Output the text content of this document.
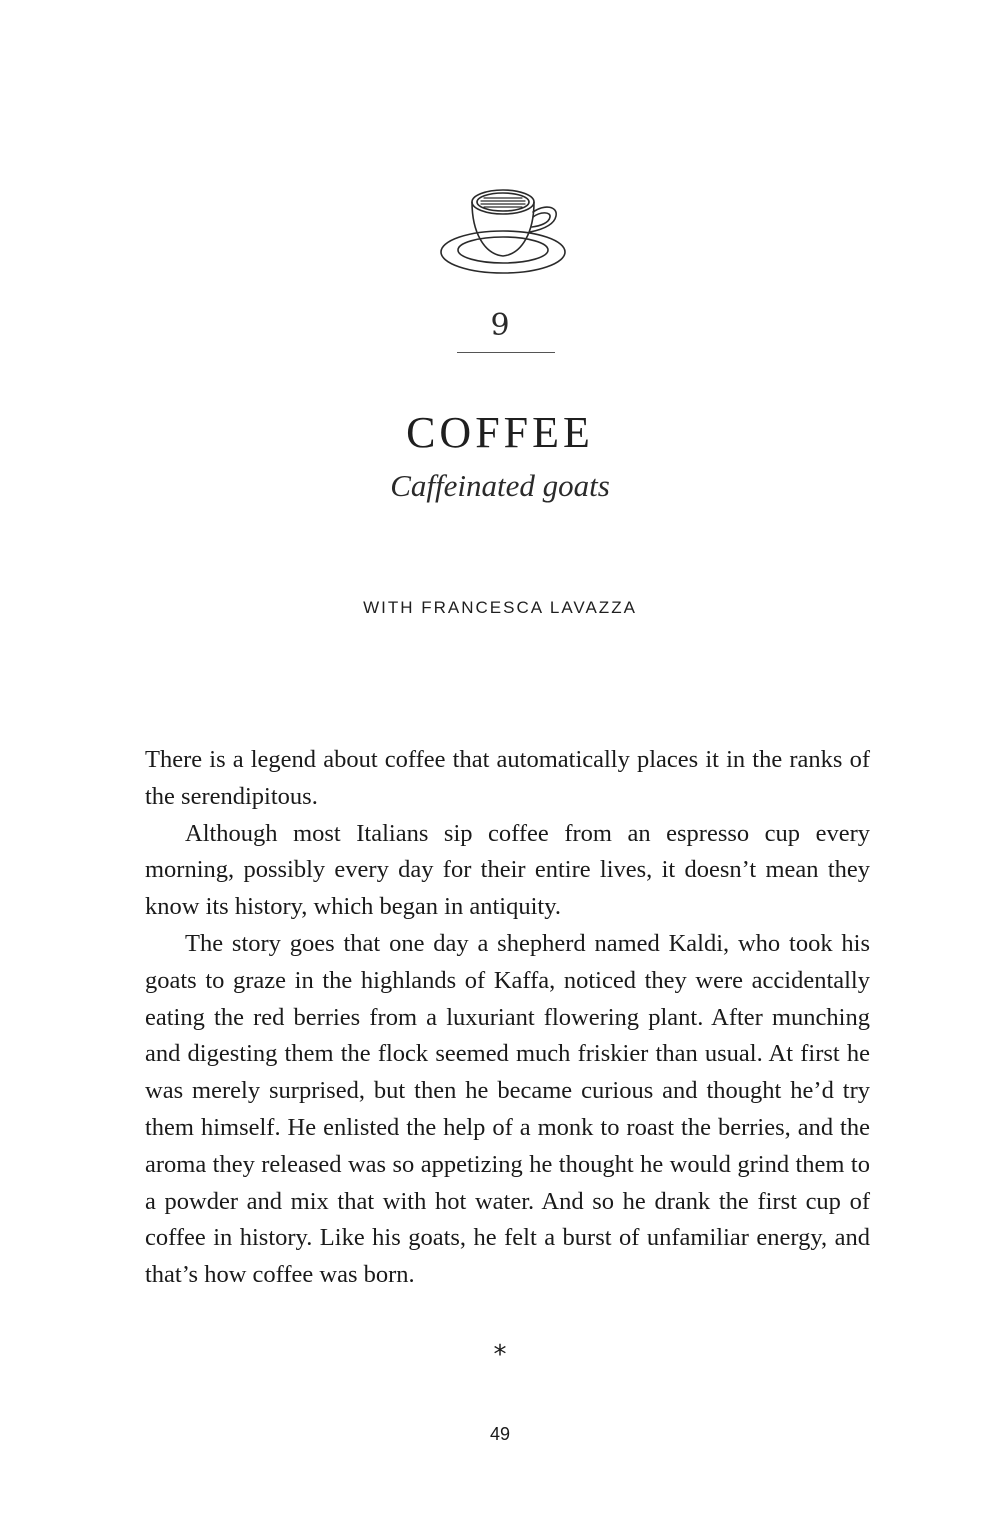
9
COFFEE
Caffeinated goats
WITH FRANCESCA LAVAZZA

There is a legend about coffee that automatically places it in the ranks of the serendipitous.

Although most Italians sip coffee from an espresso cup every morning, possibly every day for their entire lives, it doesn’t mean they know its history, which began in antiquity.

The story goes that one day a shepherd named Kaldi, who took his goats to graze in the highlands of Kaffa, noticed they were accidentally eating the red berries from a luxuriant flowering plant. After munching and digesting them the flock seemed much friskier than usual. At first he was merely surprised, but then he became curious and thought he’d try them himself. He enlisted the help of a monk to roast the berries, and the aroma they released was so appetizing he thought he would grind them to a powder and mix that with hot water. And so he drank the first cup of coffee in history. Like his goats, he felt a burst of unfamiliar energy, and that’s how coffee was born.

*
49
